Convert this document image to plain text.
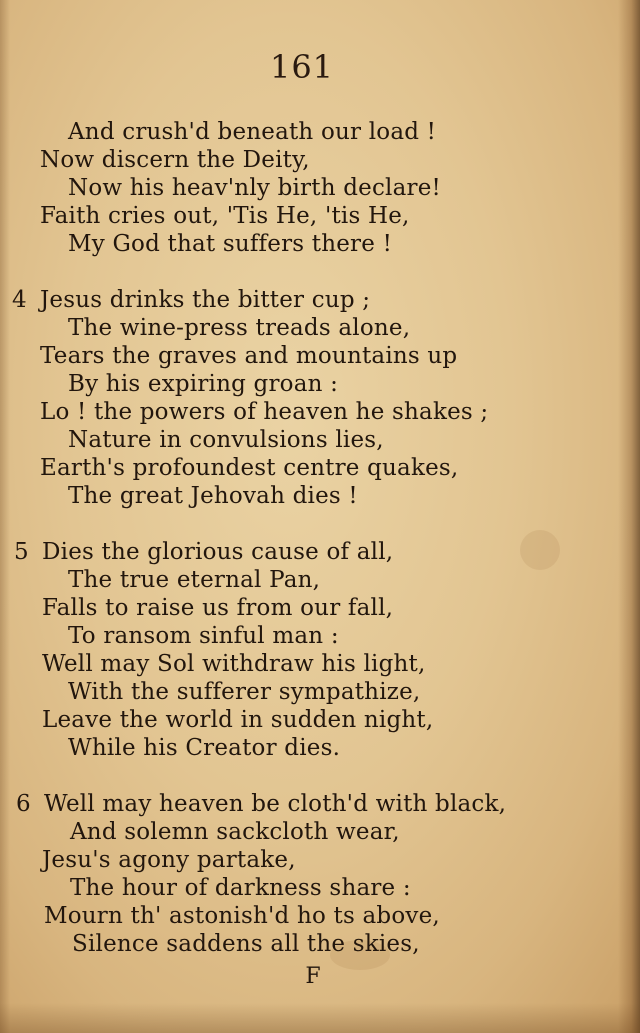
161
And crush'd beneath our load !
Now discern the Deity,
Now his heav'nly birth declare!
Faith cries out, 'Tis He, 'tis He,
My God that suffers there !
4 Jesus drinks the bitter cup ;
The wine-press treads alone,
Tears the graves and mountains up
By his expiring groan :
Lo ! the powers of heaven he shakes ;
Nature in convulsions lies,
Earth's profoundest centre quakes,
The great Jehovah dies !
5 Dies the glorious cause of all,
The true eternal Pan,
Falls to raise us from our fall,
To ransom sinful man :
Well may Sol withdraw his light,
With the sufferer sympathize,
Leave the world in sudden night,
While his Creator dies.
6 Well may heaven be cloth'd with black,
And solemn sackcloth wear,
Jesu's agony partake,
The hour of darkness share :
Mourn th' astonish'd ho ts above,
Silence saddens all the skies,
F
